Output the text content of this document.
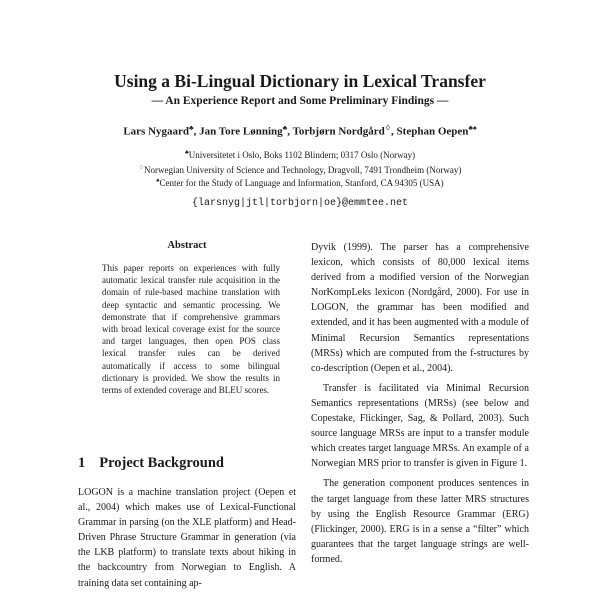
Using a Bi-Lingual Dictionary in Lexical Transfer
— An Experience Report and Some Preliminary Findings —
Lars Nygaard♣, Jan Tore Lønning♣, Torbjørn Nordgård♢, Stephan Oepen♣♠
♣Universitetet i Oslo, Boks 1102 Blindern; 0317 Oslo (Norway)
♢Norwegian University of Science and Technology, Dragvoll, 7491 Trondheim (Norway)
♠Center for the Study of Language and Information, Stanford, CA 94305 (USA)
{larsnyg|jtl|torbjorn|oe}@emmtee.net
Abstract
This paper reports on experiences with fully automatic lexical transfer rule acquisition in the domain of rule-based machine translation with deep syntactic and semantic processing. We demonstrate that if comprehensive grammars with broad lexical coverage exist for the source and target languages, then open POS class lexical transfer rules can be derived automatically if access to some bilingual dictionary is provided. We show the results in terms of extended coverage and BLEU scores.
1 Project Background
LOGON is a machine translation project (Oepen et al., 2004) which makes use of Lexical-Functional Grammar in parsing (on the XLE platform) and Head-Driven Phrase Structure Grammar in generation (via the LKB platform) to translate texts about hiking in the backcountry from Norwegian to English. A training data set containing ap-

Dyvik (1999). The parser has a comprehensive lexicon, which consists of 80,000 lexical items derived from a modified version of the Norwegian NorKompLeks lexicon (Nordgård, 2000). For use in LOGON, the grammar has been modified and extended, and it has been augmented with a module of Minimal Recursion Semantics representations (MRSs) which are computed from the f-structures by co-description (Oepen et al., 2004).

Transfer is facilitated via Minimal Recursion Semantics representations (MRSs) (see below and Copestake, Flickinger, Sag, & Pollard, 2003). Such source language MRSs are input to a transfer module which creates target language MRSs. An example of a Norwegian MRS prior to transfer is given in Figure 1.

The generation component produces sentences in the target language from these latter MRS structures by using the English Resource Grammar (ERG) (Flickinger, 2000). ERG is in a sense a “filter” which guarantees that the target language strings are well-formed.
